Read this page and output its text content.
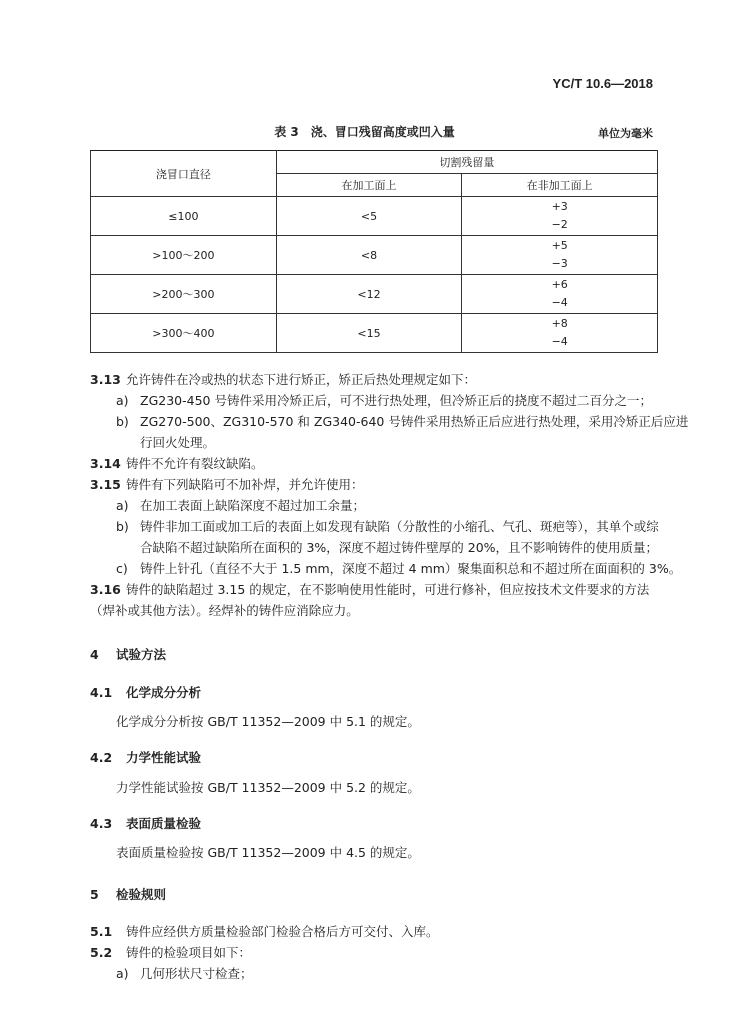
YC/T 10.6—2018
表 3　浇、冒口残留高度或凹入量	单位为毫米
浇冒口直径	切割残留量	
	在加工面上	在非加工面上
≤100	<5	+3
−2

>100～200	<8	+5
−3

>200～300	<12	+6
−4

>300～400	<15	+8
−4
3.13 允许铸件在冷或热的状态下进行矫正，矫正后热处理规定如下：
a) ZG230-450 号铸件采用冷矫正后，可不进行热处理，但冷矫正后的挠度不超过二百分之一；
b) ZG270-500、ZG310-570 和 ZG340-640 号铸件采用热矫正后应进行热处理，采用冷矫正后应进
行回火处理。
3.14 铸件不允许有裂纹缺陷。
3.15 铸件有下列缺陷可不加补焊，并允许使用：
a) 在加工表面上缺陷深度不超过加工余量；
b) 铸件非加工面或加工后的表面上如发现有缺陷（分散性的小缩孔、气孔、斑疤等），其单个或综
合缺陷不超过缺陷所在面积的 3%，深度不超过铸件壁厚的 20%，且不影响铸件的使用质量；
c) 铸件上针孔（直径不大于 1.5 mm，深度不超过 4 mm）聚集面积总和不超过所在面面积的 3%。
3.16 铸件的缺陷超过 3.15 的规定，在不影响使用性能时，可进行修补，但应按技术文件要求的方法
（焊补或其他方法）。经焊补的铸件应消除应力。
4 试验方法
4.1 化学成分分析
化学成分分析按 GB/T 11352—2009 中 5.1 的规定。
4.2 力学性能试验
力学性能试验按 GB/T 11352—2009 中 5.2 的规定。
4.3 表面质量检验
表面质量检验按 GB/T 11352—2009 中 4.5 的规定。
5 检验规则
5.1 铸件应经供方质量检验部门检验合格后方可交付、入库。
5.2 铸件的检验项目如下：
a) 几何形状尺寸检查；
